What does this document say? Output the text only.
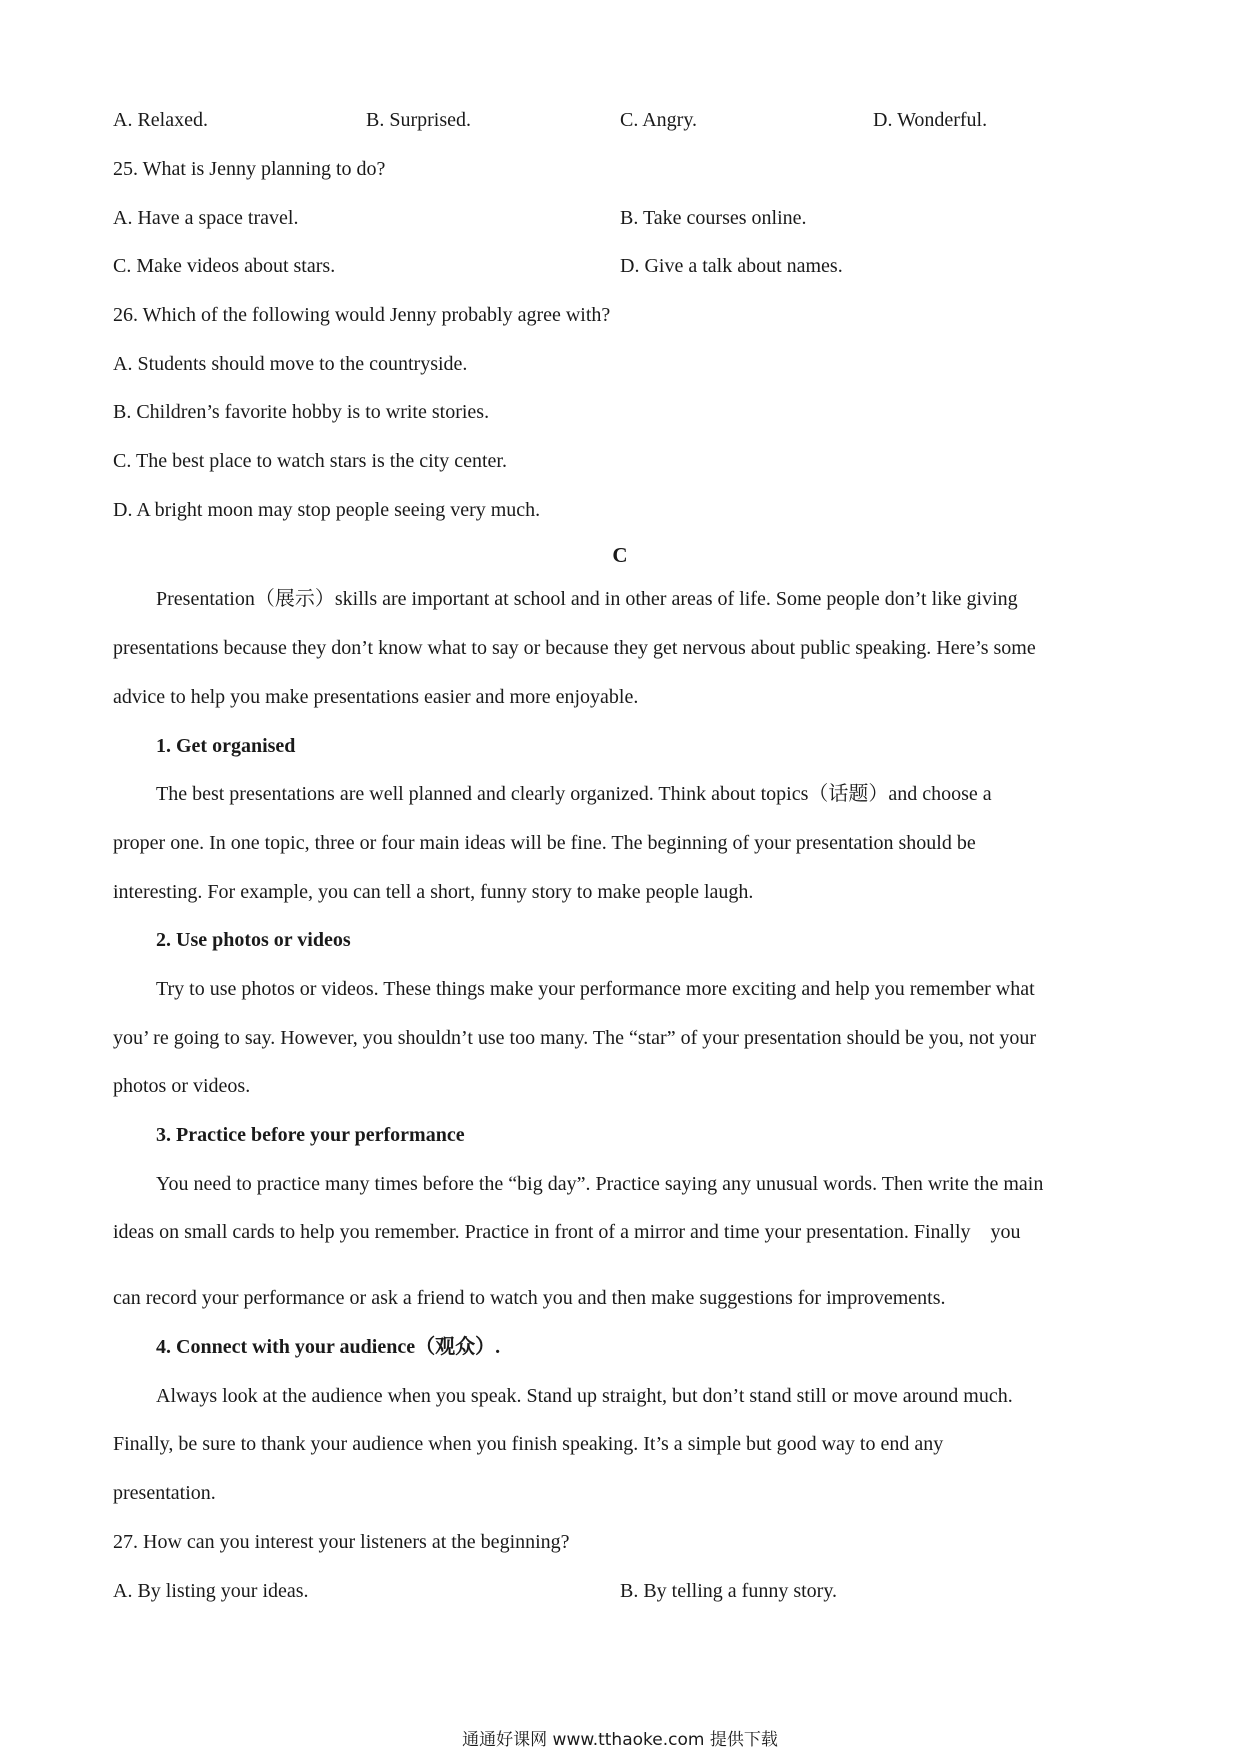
A. Relaxed.	B. Surprised.	C. Angry.	D. Wonderful.
25. What is Jenny planning to do?
A. Have a space travel.	B. Take courses online.
C. Make videos about stars.	D. Give a talk about names.
26. Which of the following would Jenny probably agree with?
A. Students should move to the countryside.
B. Children’s favorite hobby is to write stories.
C. The best place to watch stars is the city center.
D. A bright moon may stop people seeing very much.
C
Presentation（展示）skills are important at school and in other areas of life. Some people don’t like giving
presentations because they don’t know what to say or because they get nervous about public speaking. Here’s some
advice to help you make presentations easier and more enjoyable.
1. Get organised
The best presentations are well planned and clearly organized. Think about topics（话题）and choose a
proper one. In one topic, three or four main ideas will be fine. The beginning of your presentation should be
interesting. For example, you can tell a short, funny story to make people laugh.
2. Use photos or videos
Try to use photos or videos. These things make your performance more exciting and help you remember what
you’ re going to say. However, you shouldn’t use too many. The “star” of your presentation should be you, not your
photos or videos.
3. Practice before your performance
You need to practice many times before the “big day”. Practice saying any unusual words. Then write the main
ideas on small cards to help you remember. Practice in front of a mirror and time your presentation. Finally    you
can record your performance or ask a friend to watch you and then make suggestions for improvements.
4. Connect with your audience（观众）.
Always look at the audience when you speak. Stand up straight, but don’t stand still or move around much.
Finally, be sure to thank your audience when you finish speaking. It’s a simple but good way to end any
presentation.
27. How can you interest your listeners at the beginning?
A. By listing your ideas.	B. By telling a funny story.
通通好课网 www.tthaoke.com 提供下载
